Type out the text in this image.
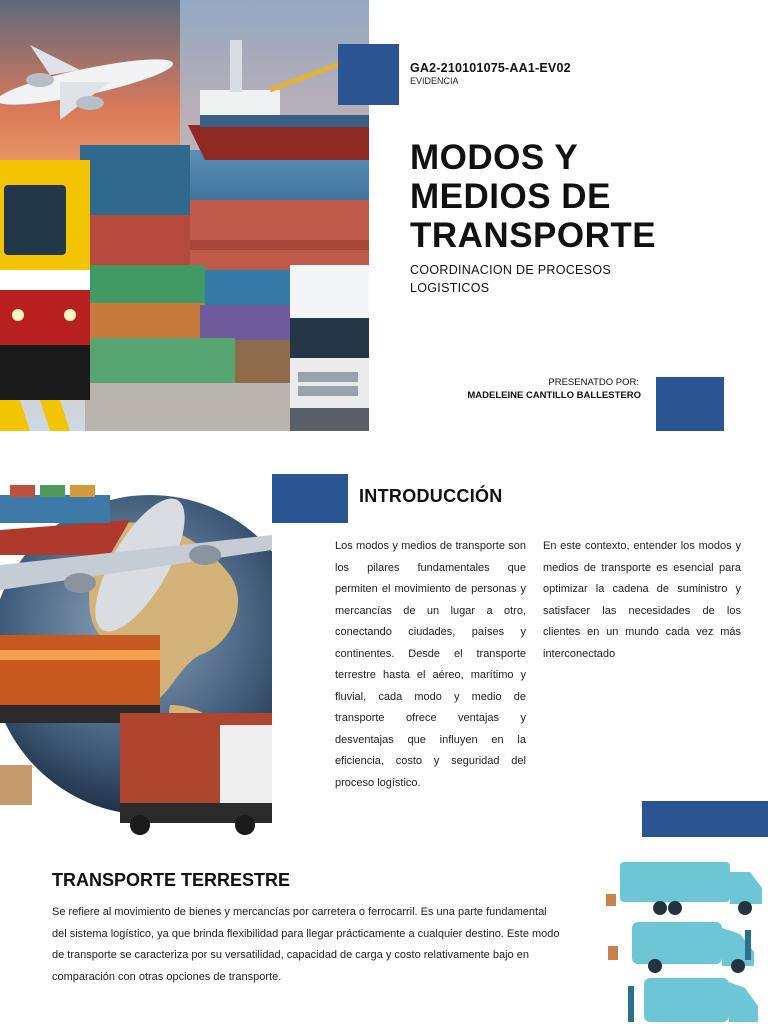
GA2-210101075-AA1-EV02
EVIDENCIA
MODOS Y
MEDIOS DE
TRANSPORTE
COORDINACION DE PROCESOS LOGISTICOS
PRESENATDO POR:
MADELEINE CANTILLO BALLESTERO
INTRODUCCIÓN
Los modos y medios de transporte son los pilares fundamentales que permiten el movimiento de personas y mercancías de un lugar a otro, conectando ciudades, países y continentes. Desde el transporte terrestre hasta el aéreo, marítimo y fluvial, cada modo y medio de transporte ofrece ventajas y desventajas que influyen en la eficiencia, costo y seguridad del proceso logístico.
En este contexto, entender los modos y medios de transporte es esencial para optimizar la cadena de suministro y satisfacer las necesidades de los clientes en un mundo cada vez más interconectado
TRANSPORTE TERRESTRE
Se refiere al movimiento de bienes y mercancías por carretera o ferrocarril. Es una parte fundamental del sistema logístico, ya que brinda flexibilidad para llegar prácticamente a cualquier destino. Este modo de transporte se caracteriza por su versatilidad, capacidad de carga y costo relativamente bajo en comparación con otras opciones de transporte.
